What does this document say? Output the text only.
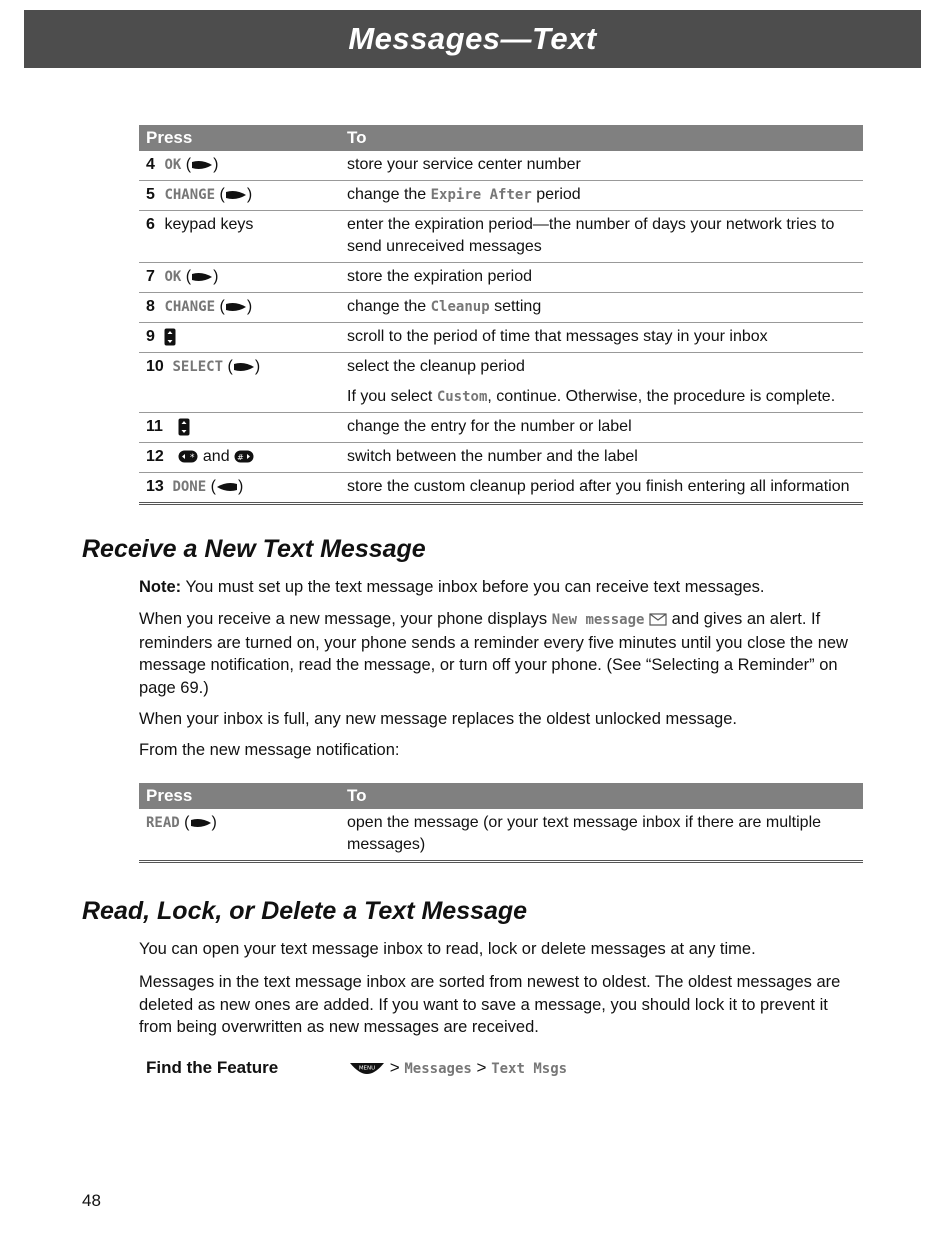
Messages—Text
Press	To
4 OK ( )	store your service center number
5 CHANGE ( )	change the Expire After period
6 keypad keys	enter the expiration period—the number of days your network tries to send unreceived messages
7 OK ( )	store the expiration period
8 CHANGE ( )	change the Cleanup setting
9	scroll to the period of time that messages stay in your inbox
10 SELECT ( )	select the cleanup period
If you select Custom, continue. Otherwise, the procedure is complete.

11	change the entry for the number or label
12 * and #	switch between the number and the label
13 DONE ( )	store the custom cleanup period after you finish entering all information
Receive a New Text Message

Note: You must set up the text message inbox before you can receive text messages.

When you receive a new message, your phone displays New message  and gives an alert. If reminders are turned on, your phone sends a reminder every five minutes until you close the new message notification, read the message, or turn off your phone. (See “Selecting a Reminder” on page 69.)

When your inbox is full, any new message replaces the oldest unlocked message.

From the new message notification:

Press	To
READ ( )	open the message (or your text message inbox if there are multiple messages)
Read, Lock, or Delete a Text Message

You can open your text message inbox to read, lock or delete messages at any time.

Messages in the text message inbox are sorted from newest to oldest. The oldest messages are deleted as new ones are added. If you want to save a message, you should lock it to prevent it from being overwritten as new messages are received.

Find the Feature	MENU > Messages > Text Msgs
48
